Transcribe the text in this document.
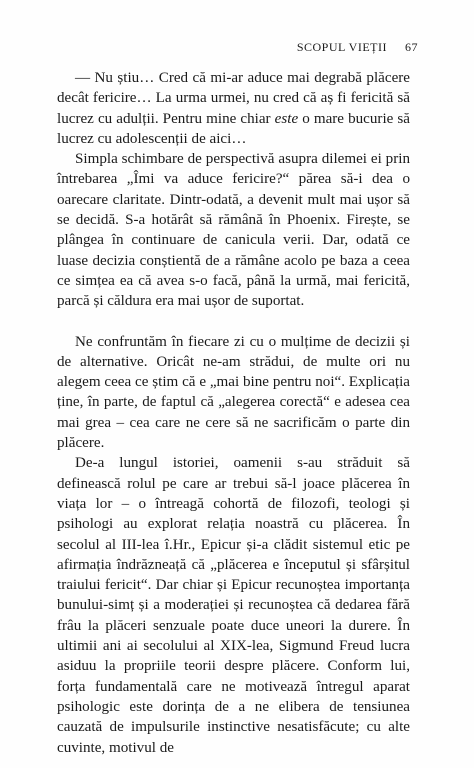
SCOPUL VIEȚII 67

— Nu știu… Cred că mi-ar aduce mai degrabă plăcere decât fericire… La urma urmei, nu cred că aș fi fericită să lucrez cu adulții. Pentru mine chiar este o mare bucurie să lucrez cu adolescenții de aici…

Simpla schimbare de perspectivă asupra dilemei ei prin întrebarea „Îmi va aduce fericire?“ părea să-i dea o oarecare claritate. Dintr-odată, a devenit mult mai ușor să se decidă. S-a hotărât să rămână în Phoenix. Firește, se plângea în continuare de canicula verii. Dar, odată ce luase decizia conștientă de a rămâne acolo pe baza a ceea ce simțea ea că avea s-o facă, până la urmă, mai fericită, parcă și căldura era mai ușor de suportat.

Ne confruntăm în fiecare zi cu o mulțime de decizii și de alternative. Oricât ne-am strădui, de multe ori nu alegem ceea ce știm că e „mai bine pentru noi“. Explicația ține, în parte, de faptul că „alegerea corectă“ e adesea cea mai grea – cea care ne cere să ne sacrificăm o parte din plăcere.

De-a lungul istoriei, oamenii s-au străduit să definească rolul pe care ar trebui să-l joace plăcerea în viața lor – o întreagă cohortă de filozofi, teologi și psihologi au explorat relația noastră cu plăcerea. În secolul al III-lea î.Hr., Epicur și-a clădit sistemul etic pe afirmația îndrăzneață că „plăcerea e începutul și sfârșitul traiului fericit“. Dar chiar și Epicur recunoștea importanța bunului-simț și a moderației și recunoștea că dedarea fără frâu la plăceri senzuale poate duce uneori la durere. În ultimii ani ai secolului al XIX-lea, Sigmund Freud lucra asiduu la propriile teorii despre plăcere. Conform lui, forța fundamentală care ne motivează întregul aparat psihologic este dorința de a ne elibera de tensiunea cauzată de impulsurile instinctive nesatisfăcute; cu alte cuvinte, motivul de
